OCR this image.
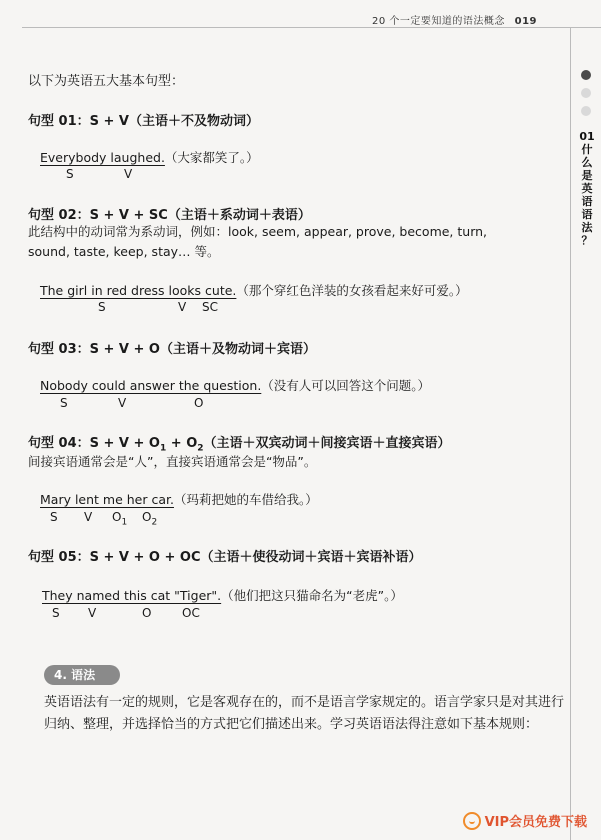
20 个一定要知道的语法概念 019
01
什
么
是
英
语
语
法
？
以下为英语五大基本句型：
句型 01：S + V（主语＋不及物动词）
Everybody laughed.（大家都笑了。）
S	V
句型 02：S + V + SC（主语＋系动词＋表语）
此结构中的动词常为系动词，例如：look, seem, appear, prove, become, turn, sound, taste, keep, stay… 等。
The girl in red dress looks cute.（那个穿红色洋装的女孩看起来好可爱。）
S	V SC
句型 03：S + V + O（主语＋及物动词＋宾语）
Nobody could answer the question.（没有人可以回答这个问题。）
S	V	O
句型 04：$S + V + O_1 + O_2$（主语＋双宾动词＋间接宾语＋直接宾语）
间接宾语通常会是“人”，直接宾语通常会是“物品”。
Mary lent me her car.（玛莉把她的车借给我。）
S V $O_1$ $O_2$
句型 05：S + V + O + OC（主语＋使役动词＋宾语＋宾语补语）
They named this cat "Tiger".（他们把这只猫命名为“老虎”。）
S V	O	OC
4. 语法
英语语法有一定的规则，它是客观存在的，而不是语言学家规定的。语言学家只是对其进行归纳、整理，并选择恰当的方式把它们描述出来。学习英语语法得注意如下基本规则：
VIP会员免费下载
